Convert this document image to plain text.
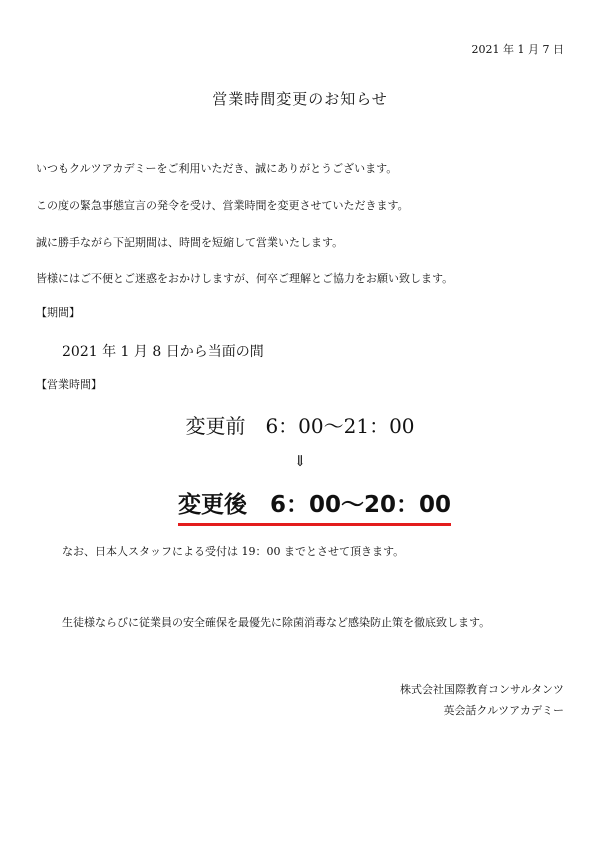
2021 年 1 月 7 日
営業時間変更のお知らせ
いつもクルツアカデミーをご利用いただき、誠にありがとうございます。
この度の緊急事態宣言の発令を受け、営業時間を変更させていただきます。
誠に勝手ながら下記期間は、時間を短縮して営業いたします。
皆様にはご不便とご迷惑をおかけしますが、何卒ご理解とご協力をお願い致します。
【期間】
2021 年 1 月 8 日から当面の間
【営業時間】
変更前　6：00～21：00
⇓
変更後　6：00～20：00
なお、日本人スタッフによる受付は 19：00 までとさせて頂きます。
生徒様ならびに従業員の安全確保を最優先に除菌消毒など感染防止策を徹底致します。
株式会社国際教育コンサルタンツ
英会話クルツアカデミー
